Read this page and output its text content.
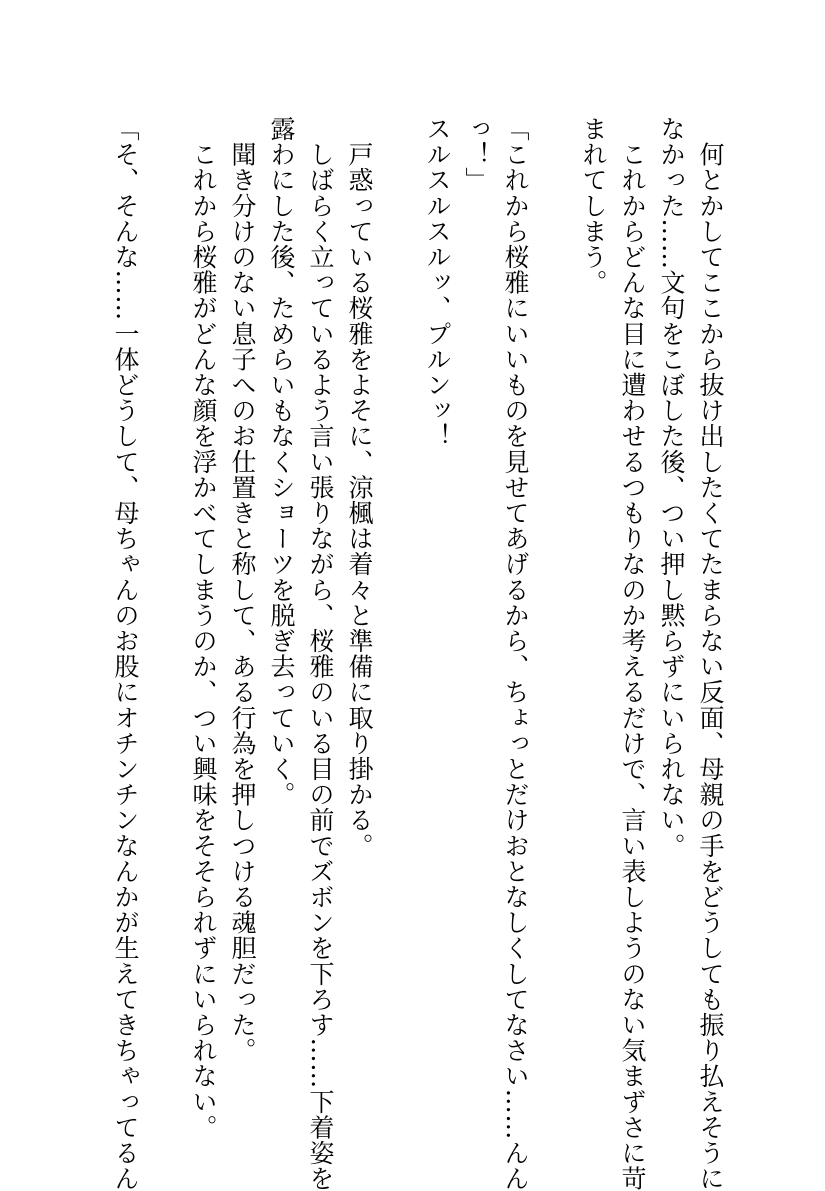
　何とかしてここから抜け出したくてたまらない反面、母親の手をどうしても振り払えそうに
なかった……文句をこぼした後、つい押し黙らずにいられない。
　これからどんな目に遭わせるつもりなのか考えるだけで、言い表しようのない気まずさに苛
まれてしまう。
「これから桜雅にいいものを見せてあげるから、ちょっとだけおとなしくしてなさい……んん
っ！」
スルスルスルッ、プルンッ！
　戸惑っている桜雅をよそに、涼楓は着々と準備に取り掛かる。
　しばらく立っているよう言い張りながら、桜雅のいる目の前でズボンを下ろす……下着姿を
露わにした後、ためらいもなくショーツを脱ぎ去っていく。
　聞き分けのない息子へのお仕置きと称して、ある行為を押しつける魂胆だった。
　これから桜雅がどんな顔を浮かべてしまうのか、つい興味をそそられずにいられない。
「そ、そんな……一体どうして、母ちゃんのお股にオチンチンなんかが生えてきちゃってるん
